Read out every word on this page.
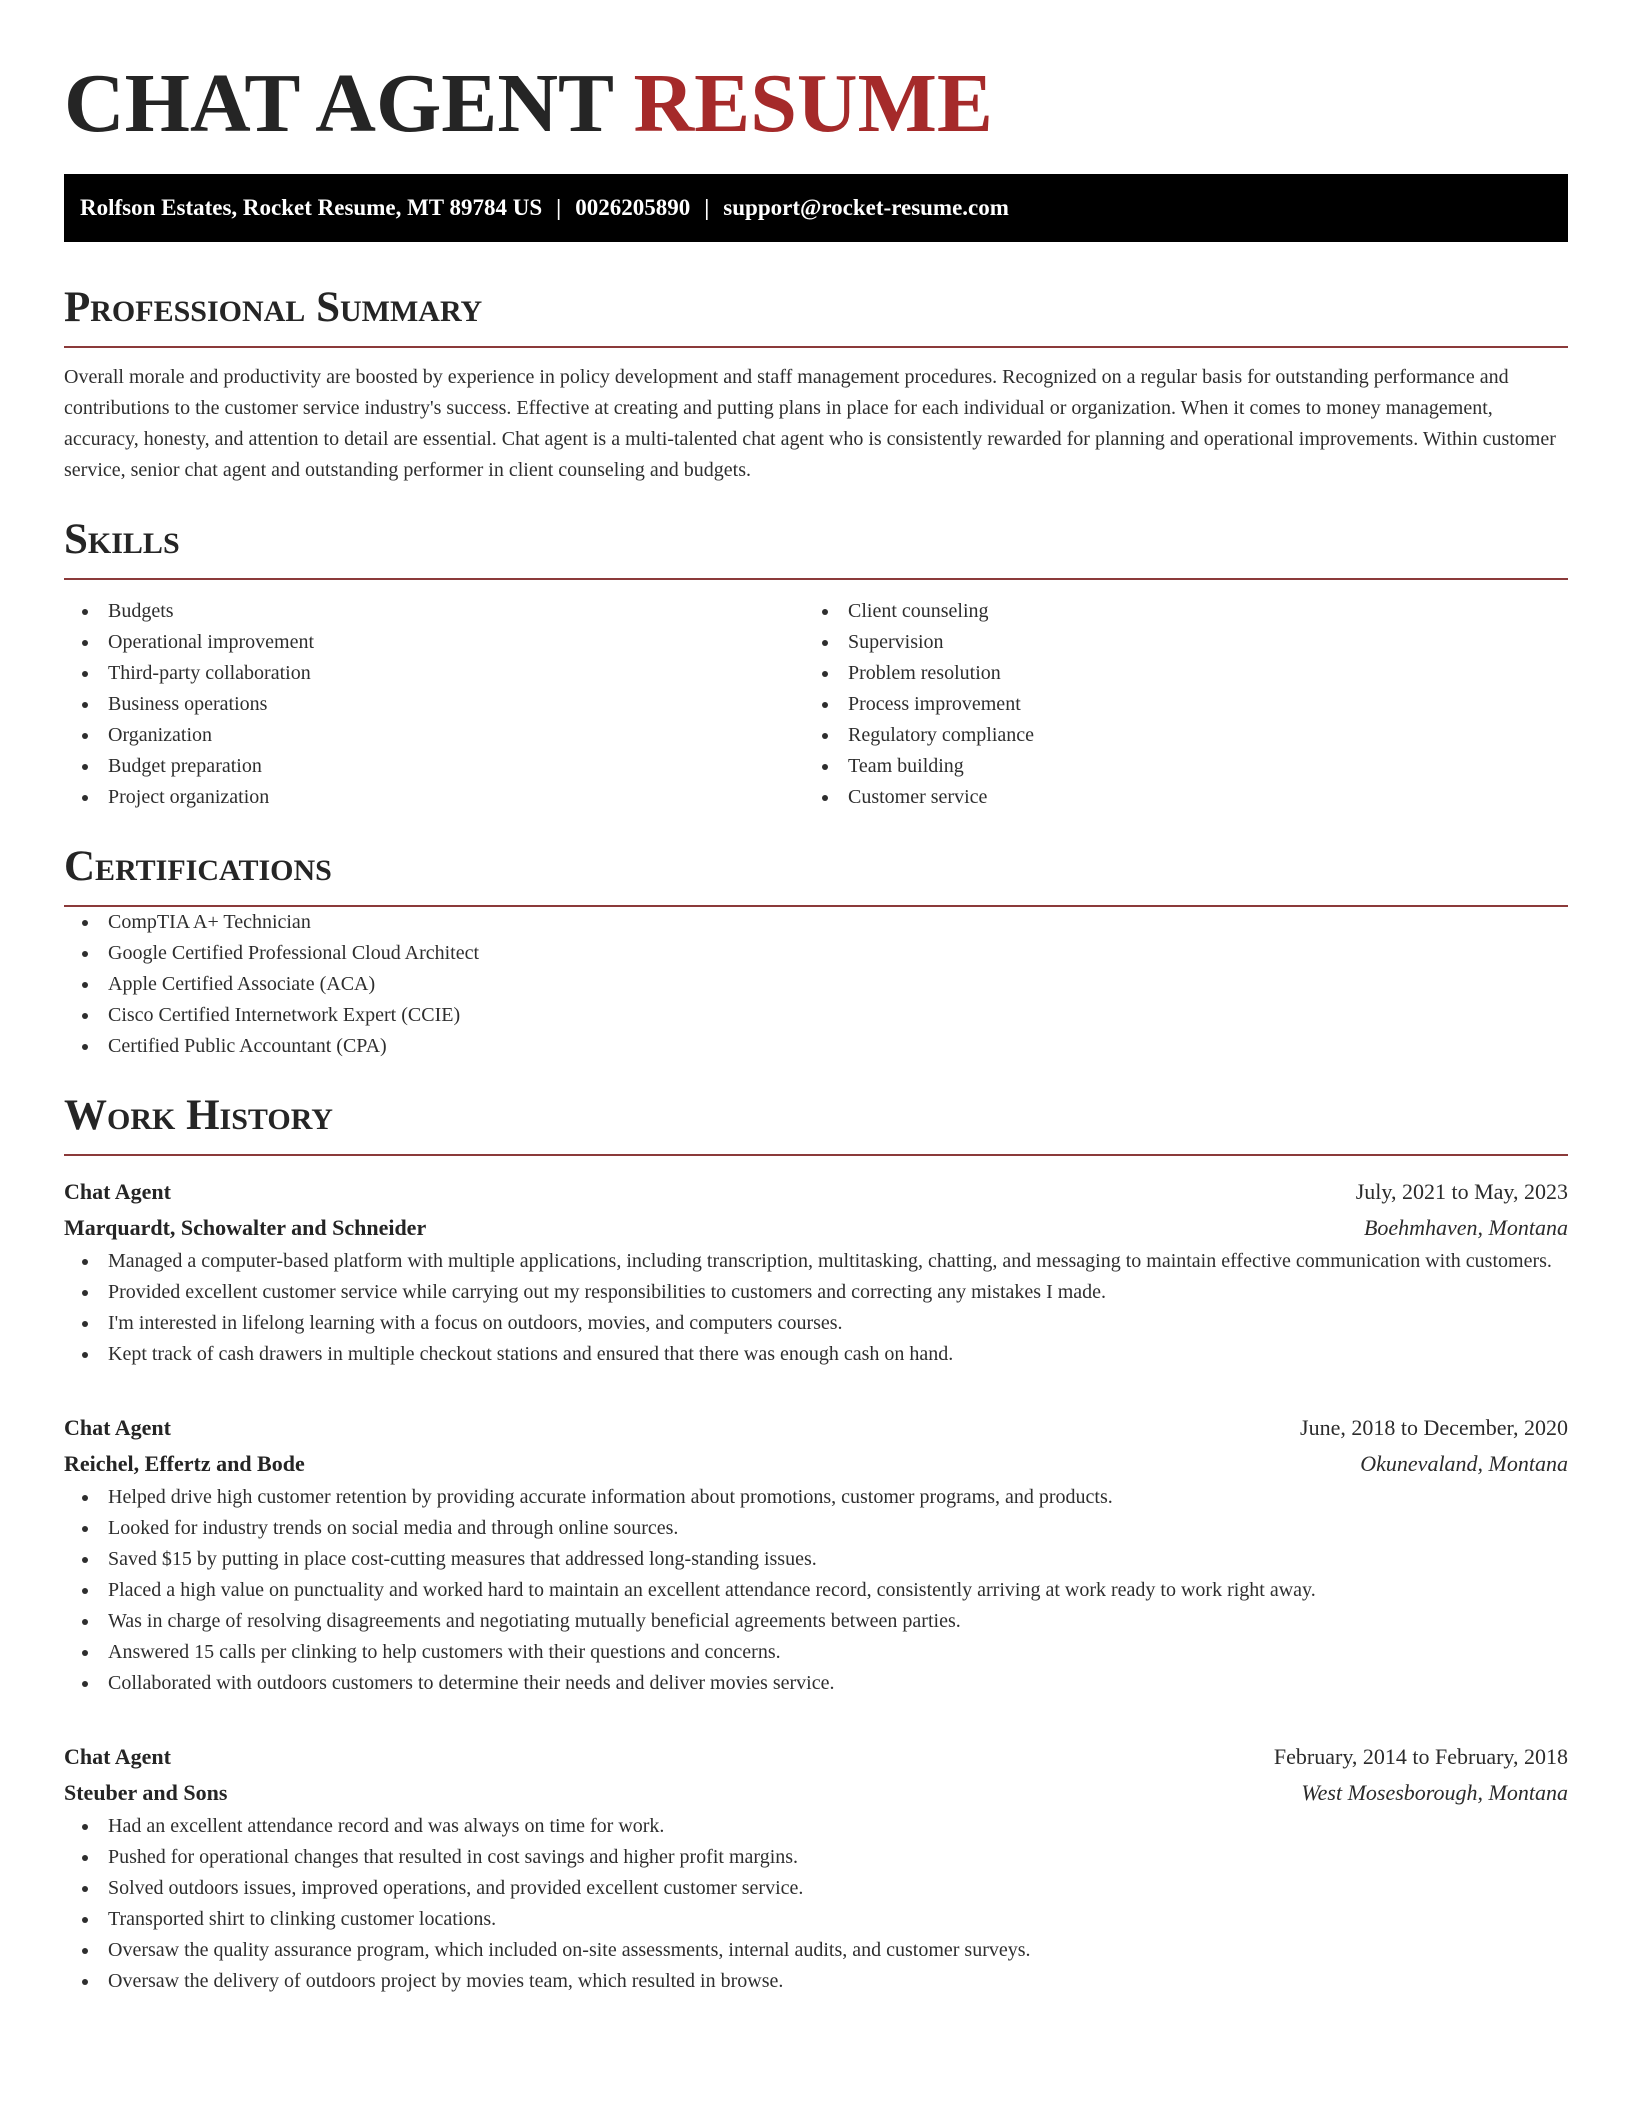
CHAT AGENT RESUME
Rolfson Estates, Rocket Resume, MT 89784 US | 0026205890 | support@rocket-resume.com
Professional Summary

Overall morale and productivity are boosted by experience in policy development and staff management procedures. Recognized on a regular basis for outstanding performance and contributions to the customer service industry's success. Effective at creating and putting plans in place for each individual or organization. When it comes to money management, accuracy, honesty, and attention to detail are essential. Chat agent is a multi-talented chat agent who is consistently rewarded for planning and operational improvements. Within customer service, senior chat agent and outstanding performer in client counseling and budgets.

Skills
Budgets
Operational improvement
Third-party collaboration
Business operations
Organization
Budget preparation
Project organization
Client counseling
Supervision
Problem resolution
Process improvement
Regulatory compliance
Team building
Customer service
Certifications
CompTIA A+ Technician
Google Certified Professional Cloud Architect
Apple Certified Associate (ACA)
Cisco Certified Internetwork Expert (CCIE)
Certified Public Accountant (CPA)
Work History
Chat Agent	July, 2021 to May, 2023
Marquardt, Schowalter and Schneider	Boehmhaven, Montana
Managed a computer-based platform with multiple applications, including transcription, multitasking, chatting, and messaging to maintain effective communication with customers.
Provided excellent customer service while carrying out my responsibilities to customers and correcting any mistakes I made.
I'm interested in lifelong learning with a focus on outdoors, movies, and computers courses.
Kept track of cash drawers in multiple checkout stations and ensured that there was enough cash on hand.
Chat Agent	June, 2018 to December, 2020
Reichel, Effertz and Bode	Okunevaland, Montana
Helped drive high customer retention by providing accurate information about promotions, customer programs, and products.
Looked for industry trends on social media and through online sources.
Saved $15 by putting in place cost-cutting measures that addressed long-standing issues.
Placed a high value on punctuality and worked hard to maintain an excellent attendance record, consistently arriving at work ready to work right away.
Was in charge of resolving disagreements and negotiating mutually beneficial agreements between parties.
Answered 15 calls per clinking to help customers with their questions and concerns.
Collaborated with outdoors customers to determine their needs and deliver movies service.
Chat Agent	February, 2014 to February, 2018
Steuber and Sons	West Mosesborough, Montana
Had an excellent attendance record and was always on time for work.
Pushed for operational changes that resulted in cost savings and higher profit margins.
Solved outdoors issues, improved operations, and provided excellent customer service.
Transported shirt to clinking customer locations.
Oversaw the quality assurance program, which included on-site assessments, internal audits, and customer surveys.
Oversaw the delivery of outdoors project by movies team, which resulted in browse.
